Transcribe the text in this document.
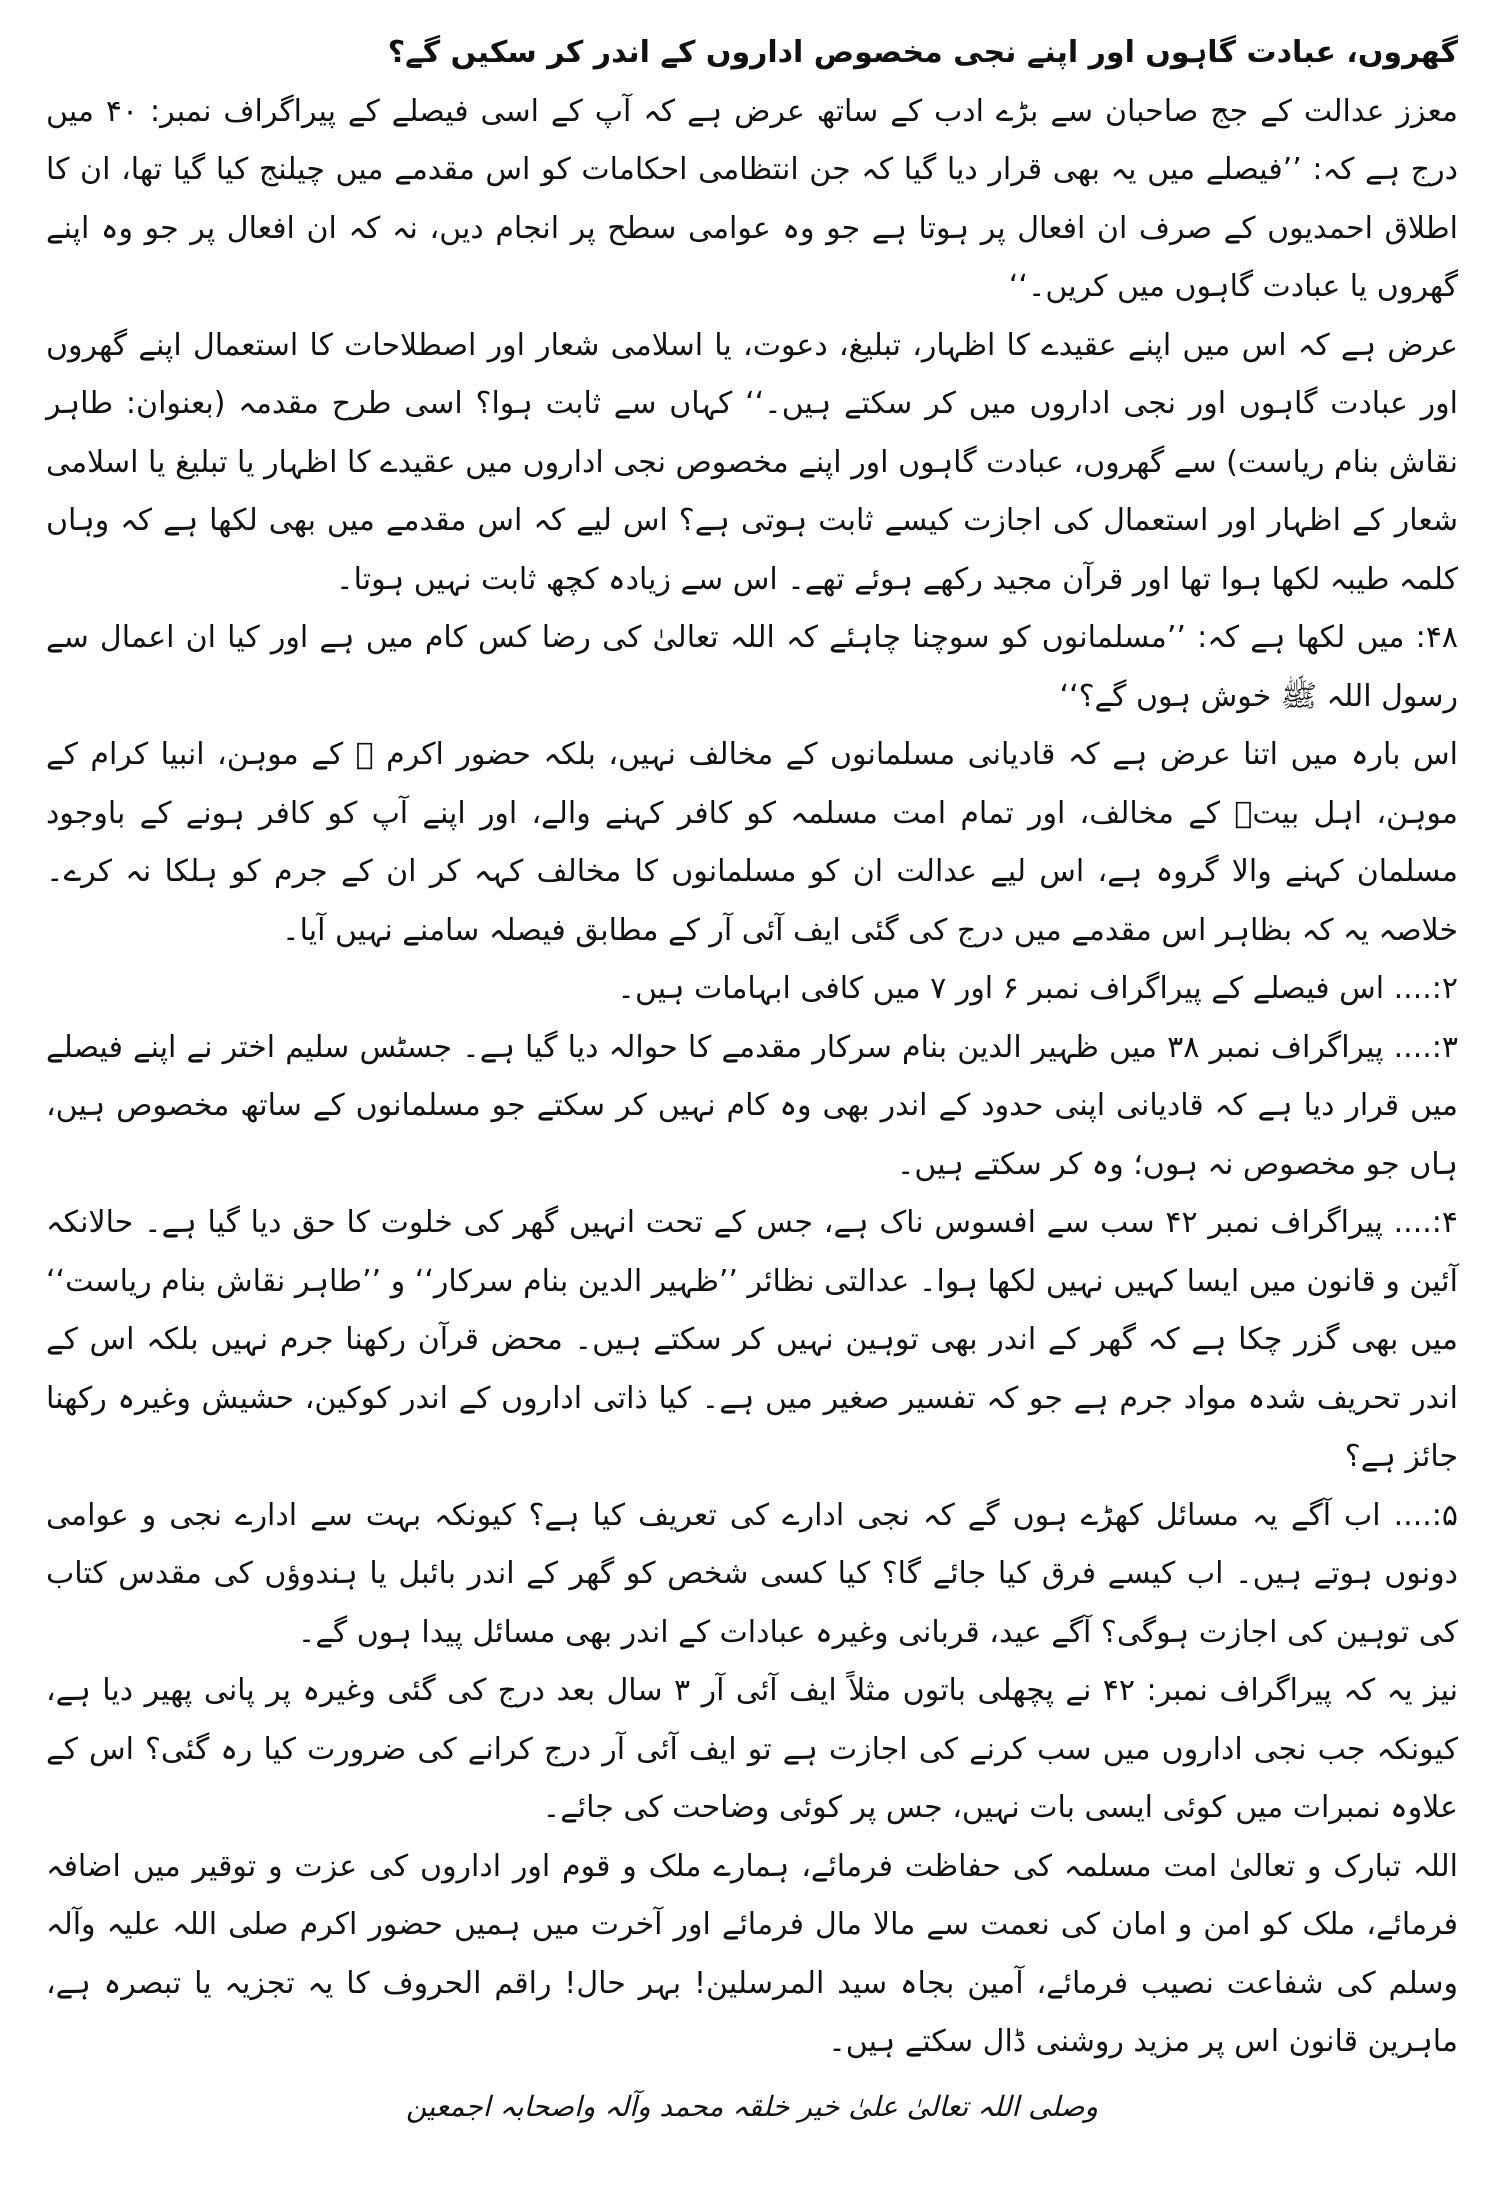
گھروں، عبادت گاہوں اور اپنے نجی مخصوص اداروں کے اندر کر سکیں گے؟

معزز عدالت کے جج صاحبان سے بڑے ادب کے ساتھ عرض ہے کہ آپ کے اسی فیصلے کے پیراگراف نمبر: ۴۰ میں درج ہے کہ: ’’فیصلے میں یہ بھی قرار دیا گیا کہ جن انتظامی احکامات کو اس مقدمے میں چیلنج کیا گیا تھا، ان کا اطلاق احمدیوں کے صرف ان افعال پر ہوتا ہے جو وہ عوامی سطح پر انجام دیں، نہ کہ ان افعال پر جو وہ اپنے گھروں یا عبادت گاہوں میں کریں۔‘‘

عرض ہے کہ اس میں اپنے عقیدے کا اظہار، تبلیغ، دعوت، یا اسلامی شعار اور اصطلاحات کا استعمال اپنے گھروں اور عبادت گاہوں اور نجی اداروں میں کر سکتے ہیں۔‘‘ کہاں سے ثابت ہوا؟ اسی طرح مقدمہ (بعنوان: طاہر نقاش بنام ریاست) سے گھروں، عبادت گاہوں اور اپنے مخصوص نجی اداروں میں عقیدے کا اظہار یا تبلیغ یا اسلامی شعار کے اظہار اور استعمال کی اجازت کیسے ثابت ہوتی ہے؟ اس لیے کہ اس مقدمے میں بھی لکھا ہے کہ وہاں کلمہ طیبہ لکھا ہوا تھا اور قرآن مجید رکھے ہوئے تھے۔ اس سے زیادہ کچھ ثابت نہیں ہوتا۔

۴۸: میں لکھا ہے کہ: ’’مسلمانوں کو سوچنا چاہئے کہ اللہ تعالیٰ کی رضا کس کام میں ہے اور کیا ان اعمال سے رسول اللہ ﷺ خوش ہوں گے؟‘‘

اس بارہ میں اتنا عرض ہے کہ قادیانی مسلمانوں کے مخالف نہیں، بلکہ حضور اکرم ﷺ کے موہن، انبیا کرام کے موہن، اہل بیتؓ کے مخالف، اور تمام امت مسلمہ کو کافر کہنے والے، اور اپنے آپ کو کافر ہونے کے باوجود مسلمان کہنے والا گروہ ہے، اس لیے عدالت ان کو مسلمانوں کا مخالف کہہ کر ان کے جرم کو ہلکا نہ کرے۔ خلاصہ یہ کہ بظاہر اس مقدمے میں درج کی گئی ایف آئی آر کے مطابق فیصلہ سامنے نہیں آیا۔

۲:.... اس فیصلے کے پیراگراف نمبر ۶ اور ۷ میں کافی ابہامات ہیں۔

۳:.... پیراگراف نمبر ۳۸ میں ظہیر الدین بنام سرکار مقدمے کا حوالہ دیا گیا ہے۔ جسٹس سلیم اختر نے اپنے فیصلے میں قرار دیا ہے کہ قادیانی اپنی حدود کے اندر بھی وہ کام نہیں کر سکتے جو مسلمانوں کے ساتھ مخصوص ہیں، ہاں جو مخصوص نہ ہوں؛ وہ کر سکتے ہیں۔

۴:.... پیراگراف نمبر ۴۲ سب سے افسوس ناک ہے، جس کے تحت انہیں گھر کی خلوت کا حق دیا گیا ہے۔ حالانکہ آئین و قانون میں ایسا کہیں نہیں لکھا ہوا۔ عدالتی نظائر ’’ظہیر الدین بنام سرکار‘‘ و ’’طاہر نقاش بنام ریاست‘‘ میں بھی گزر چکا ہے کہ گھر کے اندر بھی توہین نہیں کر سکتے ہیں۔ محض قرآن رکھنا جرم نہیں بلکہ اس کے اندر تحریف شدہ مواد جرم ہے جو کہ تفسیر صغیر میں ہے۔ کیا ذاتی اداروں کے اندر کوکین، حشیش وغیرہ رکھنا جائز ہے؟

۵:.... اب آگے یہ مسائل کھڑے ہوں گے کہ نجی ادارے کی تعریف کیا ہے؟ کیونکہ بہت سے ادارے نجی و عوامی دونوں ہوتے ہیں۔ اب کیسے فرق کیا جائے گا؟ کیا کسی شخص کو گھر کے اندر بائبل یا ہندوؤں کی مقدس کتاب کی توہین کی اجازت ہوگی؟ آگے عید، قربانی وغیرہ عبادات کے اندر بھی مسائل پیدا ہوں گے۔

نیز یہ کہ پیراگراف نمبر: ۴۲ نے پچھلی باتوں مثلاً ایف آئی آر ۳ سال بعد درج کی گئی وغیرہ پر پانی پھیر دیا ہے، کیونکہ جب نجی اداروں میں سب کرنے کی اجازت ہے تو ایف آئی آر درج کرانے کی ضرورت کیا رہ گئی؟ اس کے علاوہ نمبرات میں کوئی ایسی بات نہیں، جس پر کوئی وضاحت کی جائے۔

اللہ تبارک و تعالیٰ امت مسلمہ کی حفاظت فرمائے، ہمارے ملک و قوم اور اداروں کی عزت و توقیر میں اضافہ فرمائے، ملک کو امن و امان کی نعمت سے مالا مال فرمائے اور آخرت میں ہمیں حضور اکرم صلی اللہ علیہ وآلہ وسلم کی شفاعت نصیب فرمائے، آمین بجاہ سید المرسلین! بہر حال! راقم الحروف کا یہ تجزیہ یا تبصرہ ہے، ماہرین قانون اس پر مزید روشنی ڈال سکتے ہیں۔

وصلی اللہ تعالیٰ علیٰ خیر خلقہ محمد وآلہ واصحابہ اجمعین
